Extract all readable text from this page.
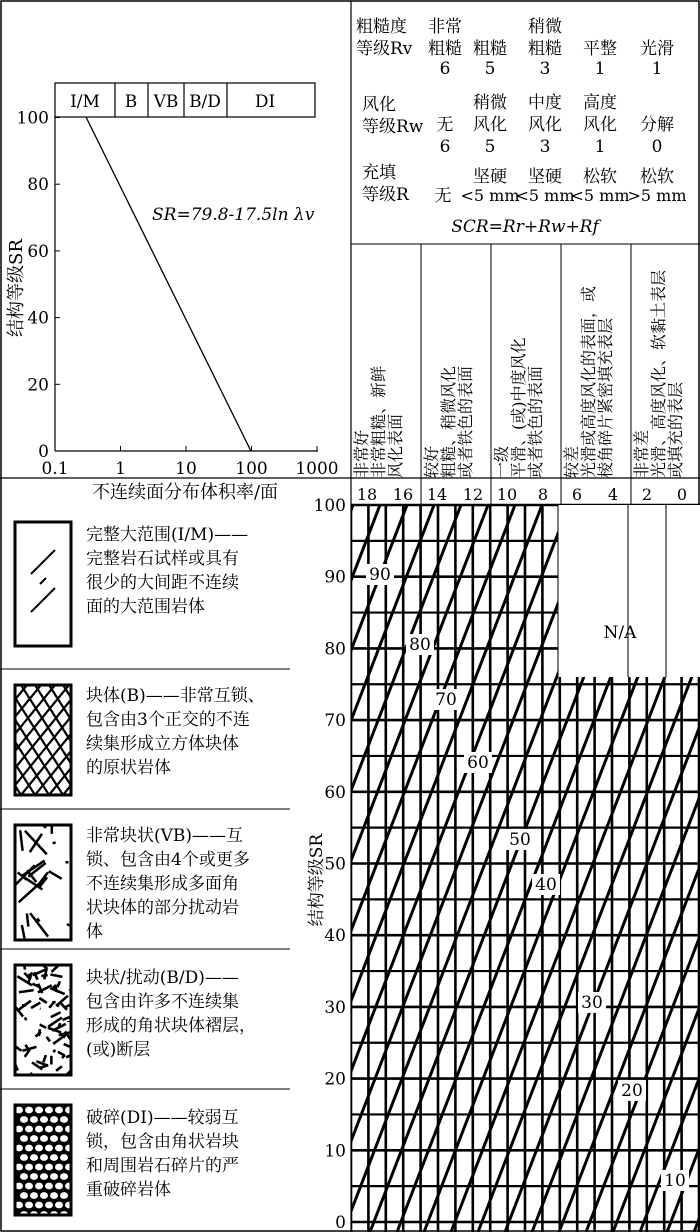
I/M B VB B/D DI
100
80
60
40
20
0
0.1	1	10 100 1000
SR=79.8-17.5ln λv
结构等级SR
不连续面分布体积率/面
粗糙度
等级Rv
非常
粗糙
6
粗糙
5
稍微
粗糙
3
平整
1
光滑
1
风化
等级Rw 无
6
稍微
风化
5
中度
风化
3
高度
风化
1
分解
0
充填
等级R 无
坚硬
<5 mm
坚硬
<5 mm
松软
<5 mm
松软
>5 mm
SCR=Rr+Rw+Rf
非常好
非常粗糙、新鲜
风化表面
18 16
较好
粗糙、稍微风化
或者铁色的表面
14 12
一级
平滑、(或)中度风化
或者铁色的表面
10 8
较差
光滑或高度风化的表面，或
棱角碎片紧密填充表层
6 4
非常差
光滑、高度风化、软黏土表层
或填充的表层
2 0
N/A
90
80
70
60
50
40
30
20
10
100
90
80
70
60
50
40
30
20
10
0
结构等级SR
完整大范围(I/M)——
完整岩石试样或具有
很少的大间距不连续
面的大范围岩体
块体(B)——非常互锁、
包含由3个正交的不连
续集形成立方体块体
的原状岩体
非常块状(VB)——互
锁、包含由4个或更多
不连续集形成多面角
状块体的部分扰动岩
体
块状/扰动(B/D)——
包含由许多不连续集
形成的角状块体褶层，
(或)断层
破碎(DI)——较弱互
锁，包含由角状岩块
和周围岩石碎片的严
重破碎岩体
